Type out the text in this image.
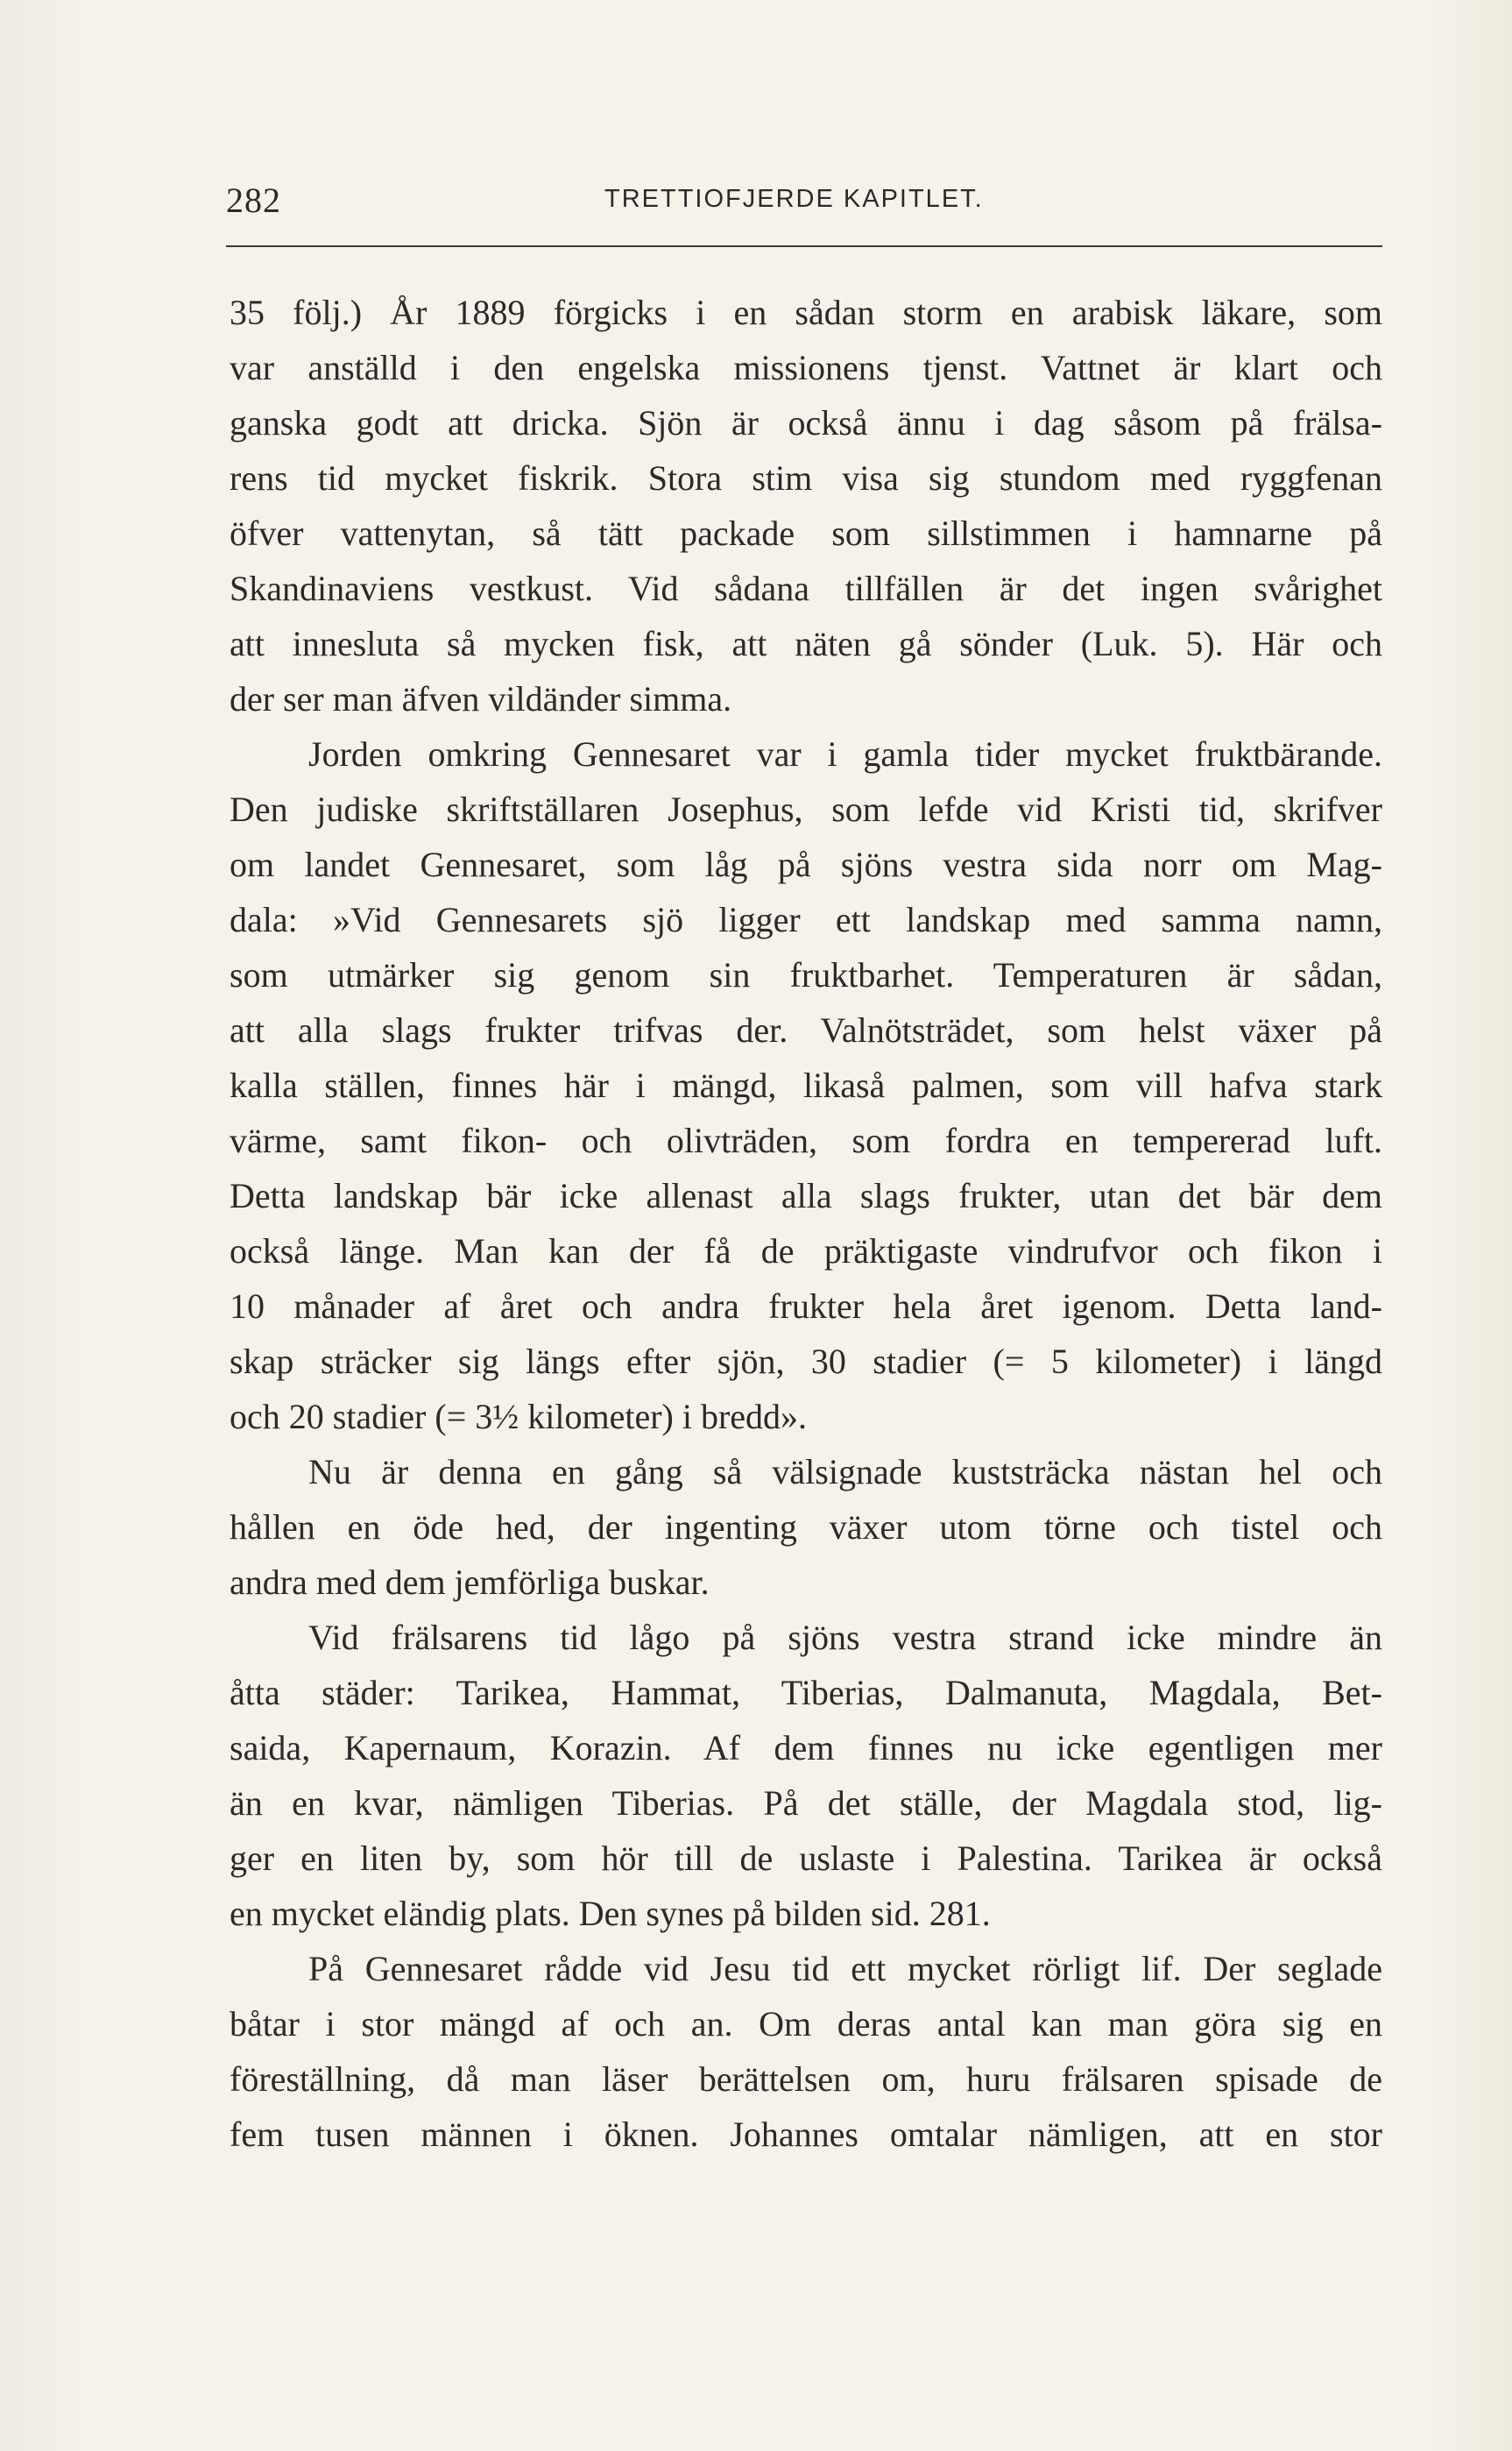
282	TRETTIOFJERDE KAPITLET.
35 följ.) År 1889 förgicks i en sådan storm en arabisk läkare, som
var anställd i den engelska missionens tjenst. Vattnet är klart och
ganska godt att dricka. Sjön är också ännu i dag såsom på frälsa-
rens tid mycket fiskrik. Stora stim visa sig stundom med ryggfenan
öfver vattenytan, så tätt packade som sillstimmen i hamnarne på
Skandinaviens vestkust. Vid sådana tillfällen är det ingen svårighet
att innesluta så mycken fisk, att näten gå sönder (Luk. 5). Här och
der ser man äfven vildänder simma.
Jorden omkring Gennesaret var i gamla tider mycket fruktbärande.
Den judiske skriftställaren Josephus, som lefde vid Kristi tid, skrifver
om landet Gennesaret, som låg på sjöns vestra sida norr om Mag-
dala: »Vid Gennesarets sjö ligger ett landskap med samma namn,
som utmärker sig genom sin fruktbarhet. Temperaturen är sådan,
att alla slags frukter trifvas der. Valnötsträdet, som helst växer på
kalla ställen, finnes här i mängd, likaså palmen, som vill hafva stark
värme, samt fikon- och olivträden, som fordra en tempererad luft.
Detta landskap bär icke allenast alla slags frukter, utan det bär dem
också länge. Man kan der få de präktigaste vindrufvor och fikon i
10 månader af året och andra frukter hela året igenom. Detta land-
skap sträcker sig längs efter sjön, 30 stadier (= 5 kilometer) i längd
och 20 stadier (= 3½ kilometer) i bredd».
Nu är denna en gång så välsignade kuststräcka nästan hel och
hållen en öde hed, der ingenting växer utom törne och tistel och
andra med dem jemförliga buskar.
Vid frälsarens tid lågo på sjöns vestra strand icke mindre än
åtta städer: Tarikea, Hammat, Tiberias, Dalmanuta, Magdala, Bet-
saida, Kapernaum, Korazin. Af dem finnes nu icke egentligen mer
än en kvar, nämligen Tiberias. På det ställe, der Magdala stod, lig-
ger en liten by, som hör till de uslaste i Palestina. Tarikea är också
en mycket eländig plats. Den synes på bilden sid. 281.
På Gennesaret rådde vid Jesu tid ett mycket rörligt lif. Der seglade
båtar i stor mängd af och an. Om deras antal kan man göra sig en
föreställning, då man läser berättelsen om, huru frälsaren spisade de
fem tusen männen i öknen. Johannes omtalar nämligen, att en stor
